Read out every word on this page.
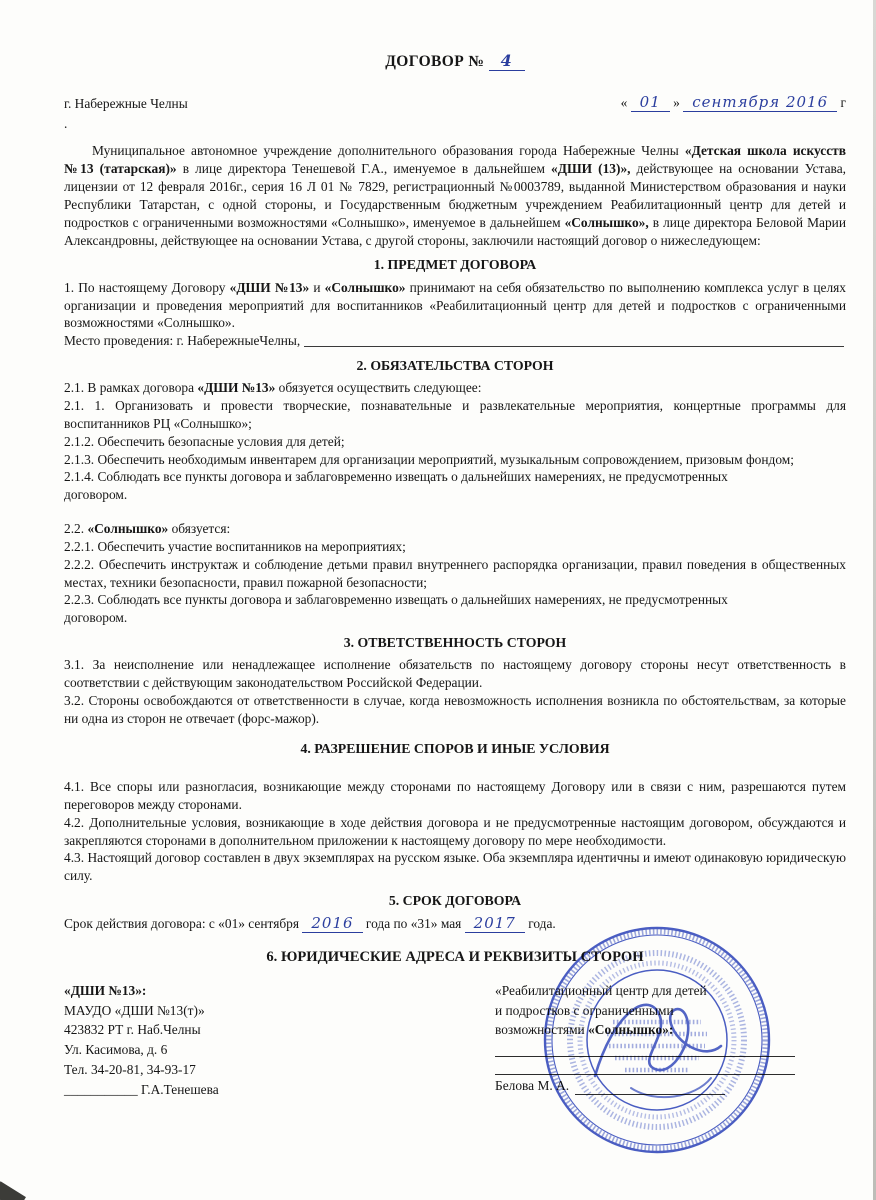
ДОГОВОР № 4
г. Набережные Челны	« 01 » сентября 2016 г
.

Муниципальное автономное учреждение дополнительного образования города Набережные Челны «Детская школа искусств №13 (татарская)» в лице директора Тенешевой Г.А., именуемое в дальнейшем «ДШИ (13)», действующее на основании Устава, лицензии от 12 февраля 2016г., серия 16 Л 01 № 7829, регистрационный №0003789, выданной Министерством образования и науки Республики Татарстан, с одной стороны, и Государственным бюджетным учреждением Реабилитационный центр для детей и подростков с ограниченными возможностями «Солнышко», именуемое в дальнейшем «Солнышко», в лице директора Беловой Марии Александровны, действующее на основании Устава, с другой стороны, заключили настоящий договор о нижеследующем:

1. ПРЕДМЕТ ДОГОВОРА

1. По настоящему Договору «ДШИ №13» и «Солнышко» принимают на себя обязательство по выполнению комплекса услуг в целях организации и проведения мероприятий для воспитанников «Реабилитационный центр для детей и подростков с ограниченными возможностями «Солнышко».

Место проведения: г. НабережныеЧелны,
2. ОБЯЗАТЕЛЬСТВА СТОРОН

2.1. В рамках договора «ДШИ №13» обязуется осуществить следующее:

2.1. 1. Организовать и провести творческие, познавательные и развлекательные мероприятия, концертные программы для воспитанников РЦ «Солнышко»;

2.1.2. Обеспечить безопасные условия для детей;

2.1.3. Обеспечить необходимым инвентарем для организации мероприятий, музыкальным сопровождением, призовым фондом;

2.1.4. Соблюдать все пункты договора и заблаговременно извещать о дальнейших намерениях, не предусмотренных

договором.

2.2. «Солнышко» обязуется:

2.2.1. Обеспечить участие воспитанников на мероприятиях;

2.2.2. Обеспечить инструктаж и соблюдение детьми правил внутреннего распорядка организации, правил поведения в общественных местах, техники безопасности, правил пожарной безопасности;

2.2.3. Соблюдать все пункты договора и заблаговременно извещать о дальнейших намерениях, не предусмотренных

договором.

3. ОТВЕТСТВЕННОСТЬ СТОРОН

3.1. За неисполнение или ненадлежащее исполнение обязательств по настоящему договору стороны несут ответственность в соответствии с действующим законодательством Российской Федерации.

3.2. Стороны освобождаются от ответственности в случае, когда невозможность исполнения возникла по обстоятельствам, за которые ни одна из сторон не отвечает (форс-мажор).

4. РАЗРЕШЕНИЕ СПОРОВ И ИНЫЕ УСЛОВИЯ

4.1. Все споры или разногласия, возникающие между сторонами по настоящему Договору или в связи с ним, разрешаются путем переговоров между сторонами.

4.2. Дополнительные условия, возникающие в ходе действия договора и не предусмотренные настоящим договором, обсуждаются и закрепляются сторонами в дополнительном приложении к настоящему договору по мере необходимости.

4.3. Настоящий договор составлен в двух экземплярах на русском языке. Оба экземпляра идентичны и имеют одинаковую юридическую силу.

5. СРОК ДОГОВОРА

Срок действия договора: с «01» сентября 2016 года по «31» мая 2017 года.

6. ЮРИДИЧЕСКИЕ АДРЕСА И РЕКВИЗИТЫ СТОРОН
«ДШИ №13»:
МАУДО «ДШИ №13(т)»
423832 РТ г. Наб.Челны
Ул. Касимова, д. 6
Тел. 34-20-81, 34-93-17
___________ Г.А.Тенешева
«Реабилитационный центр для детей
и подростков с ограниченными
возможностями «Солнышко»:
Белова М. А.
